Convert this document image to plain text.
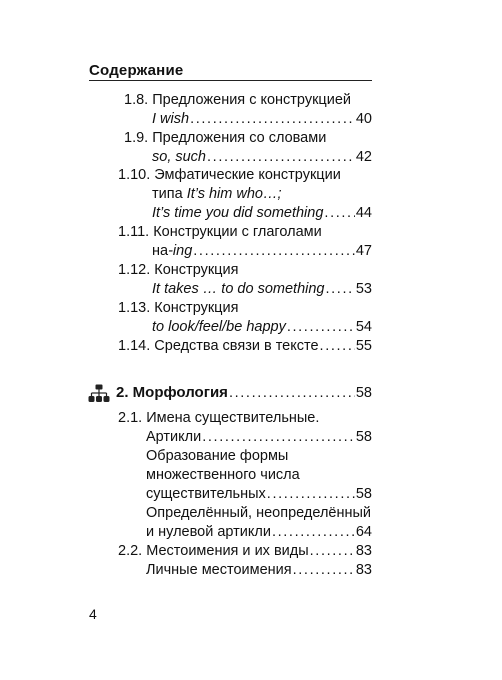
Содержание
1.8. Предложения с конструкцией
I wish . . .	40
1.9. Предложения со словами
so, such . . .	42
1.10. Эмфатические конструкции
типа It’s him who…;
It’s time you did something . . . 44
1.11. Конструкции с глаголами
на -ing . . .	47
1.12. Конструкция
It takes … to do something . . . 53
1.13. Конструкция
to look/feel/be happy . . .	54
1.14.
Средства связи в тексте . . .	55
2. Морфология . . .	58
2.1. Имена существительные.
Артикли . . .	58
Образование формы
множественного числа
существительных . . .	58
Определённый, неопределённый
и нулевой артикли . . .	64
2.2.
Местоимения и их виды . . .	83
Личные местоимения . . .	83
4
